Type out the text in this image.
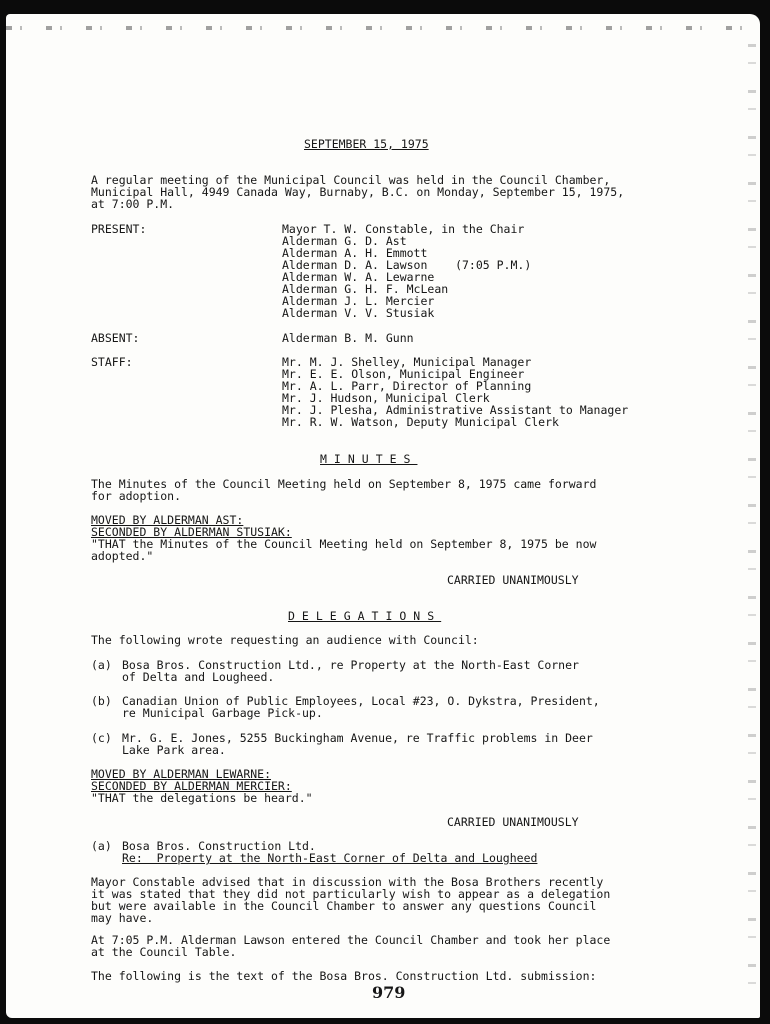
SEPTEMBER 15, 1975
A regular meeting of the Municipal Council was held in the Council Chamber,
Municipal Hall, 4949 Canada Way, Burnaby, B.C. on Monday, September 15, 1975,
at 7:00 P.M.
PRESENT:	Mayor T. W. Constable, in the Chair
Alderman G. D. Ast
Alderman A. H. Emmott
Alderman D. A. Lawson    (7:05 P.M.)
Alderman W. A. Lewarne
Alderman G. H. F. McLean
Alderman J. L. Mercier
Alderman V. V. Stusiak
ABSENT:	Alderman B. M. Gunn
STAFF:	Mr. M. J. Shelley, Municipal Manager
Mr. E. E. Olson, Municipal Engineer
Mr. A. L. Parr, Director of Planning
Mr. J. Hudson, Municipal Clerk
Mr. J. Plesha, Administrative Assistant to Manager
Mr. R. W. Watson, Deputy Municipal Clerk
MINUTES
The Minutes of the Council Meeting held on September 8, 1975 came forward
for adoption.
MOVED BY ALDERMAN AST:
SECONDED BY ALDERMAN STUSIAK:
"THAT the Minutes of the Council Meeting held on September 8, 1975 be now
adopted."
CARRIED UNANIMOUSLY
DELEGATIONS
The following wrote requesting an audience with Council:
(a) Bosa Bros. Construction Ltd., re Property at the North-East Corner
of Delta and Lougheed.
(b) Canadian Union of Public Employees, Local #23, O. Dykstra, President,
re Municipal Garbage Pick-up.
(c) Mr. G. E. Jones, 5255 Buckingham Avenue, re Traffic problems in Deer
Lake Park area.
MOVED BY ALDERMAN LEWARNE:
SECONDED BY ALDERMAN MERCIER:
"THAT the delegations be heard."
CARRIED UNANIMOUSLY
(a) Bosa Bros. Construction Ltd.
Re:  Property at the North-East Corner of Delta and Lougheed
Mayor Constable advised that in discussion with the Bosa Brothers recently
it was stated that they did not particularly wish to appear as a delegation
but were available in the Council Chamber to answer any questions Council
may have.
At 7:05 P.M. Alderman Lawson entered the Council Chamber and took her place
at the Council Table.
The following is the text of the Bosa Bros. Construction Ltd. submission:
979
